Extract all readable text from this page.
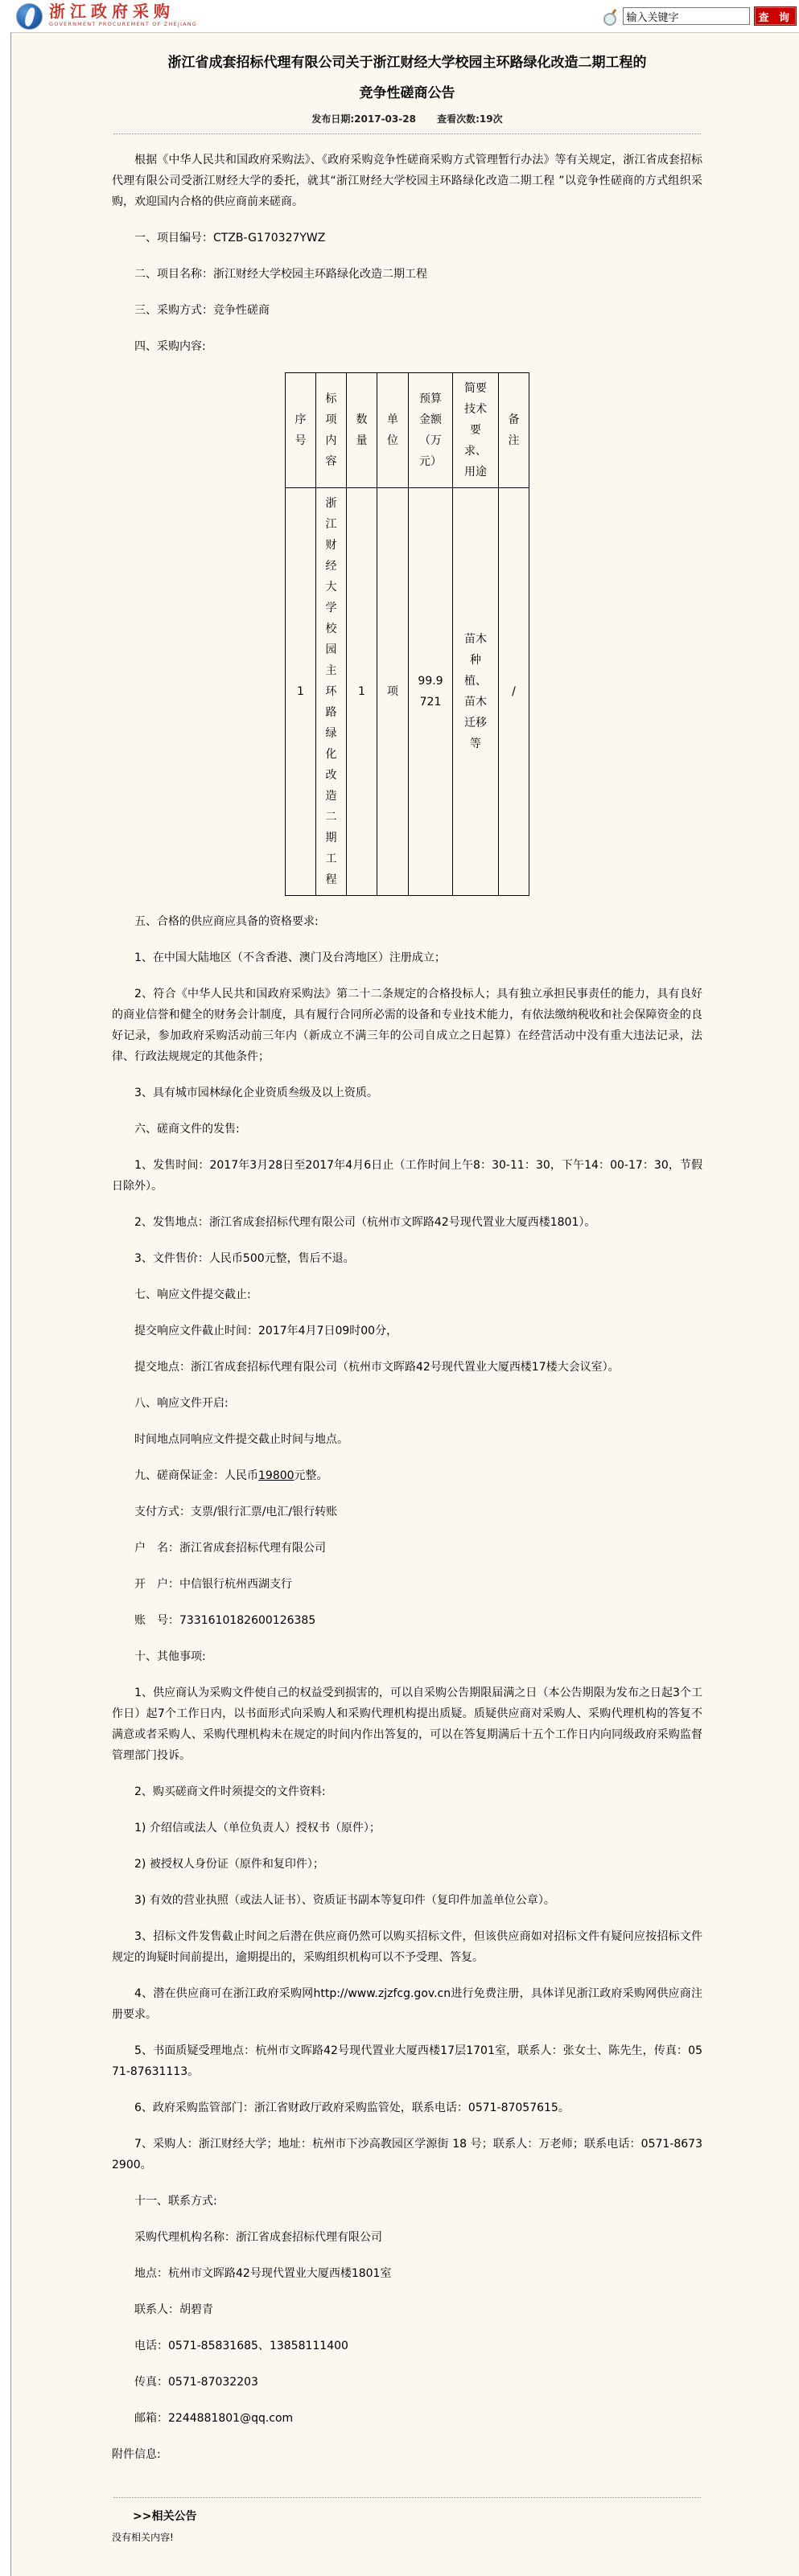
浙江政府采购
GOVERNMENT PROCUREMENT OF ZHEJIANG
输入关键字
查 询
浙江省成套招标代理有限公司关于浙江财经大学校园主环路绿化改造二期工程的
竞争性磋商公告
发布日期:2017-03-28 查看次数:19次

根据《中华人民共和国政府采购法》、《政府采购竞争性磋商采购方式管理暂行办法》等有关规定，浙江省成套招标代理有限公司受浙江财经大学的委托，就其“浙江财经大学校园主环路绿化改造二期工程 ”以竞争性磋商的方式组织采购，欢迎国内合格的供应商前来磋商。

一、项目编号：CTZB-G170327YWZ

二、项目名称：浙江财经大学校园主环路绿化改造二期工程

三、采购方式：竞争性磋商

四、采购内容:

序号	标项内容	数量	单位	预算金额（万元）	简要技术要求、用途	备注
1	浙江财经大学校园主环路绿化改造二期工程	1	项	99.9721	苗木种植、苗木迁移等	/

五、合格的供应商应具备的资格要求:

1、在中国大陆地区（不含香港、澳门及台湾地区）注册成立；

2、符合《中华人民共和国政府采购法》第二十二条规定的合格投标人；具有独立承担民事责任的能力，具有良好的商业信誉和健全的财务会计制度，具有履行合同所必需的设备和专业技术能力，有依法缴纳税收和社会保障资金的良好记录，参加政府采购活动前三年内（新成立不满三年的公司自成立之日起算）在经营活动中没有重大违法记录，法律、行政法规规定的其他条件；

3、具有城市园林绿化企业资质叁级及以上资质。

六、磋商文件的发售:

1、发售时间：2017年3月28日至2017年4月6日止（工作时间上午8：30-11：30，下午14：00-17：30，节假日除外）。

2、发售地点：浙江省成套招标代理有限公司（杭州市文晖路42号现代置业大厦西楼1801）。

3、文件售价：人民币500元整，售后不退。

七、响应文件提交截止:

提交响应文件截止时间：2017年4月7日09时00分，

提交地点：浙江省成套招标代理有限公司（杭州市文晖路42号现代置业大厦西楼17楼大会议室）。

八、响应文件开启:

时间地点同响应文件提交截止时间与地点。

九、磋商保证金：人民币19800元整。

支付方式：支票/银行汇票/电汇/银行转账

户　名：浙江省成套招标代理有限公司

开　户：中信银行杭州西湖支行

账　号：7331610182600126385

十、其他事项:

1、供应商认为采购文件使自己的权益受到损害的，可以自采购公告期限届满之日（本公告期限为发布之日起3个工作日）起7个工作日内，以书面形式向采购人和采购代理机构提出质疑。质疑供应商对采购人、采购代理机构的答复不满意或者采购人、采购代理机构未在规定的时间内作出答复的，可以在答复期满后十五个工作日内向同级政府采购监督管理部门投诉。

2、购买磋商文件时须提交的文件资料:

1) 介绍信或法人（单位负责人）授权书（原件）；

2) 被授权人身份证（原件和复印件）；

3) 有效的营业执照（或法人证书）、资质证书副本等复印件（复印件加盖单位公章）。

3、招标文件发售截止时间之后潜在供应商仍然可以购买招标文件，但该供应商如对招标文件有疑问应按招标文件规定的询疑时间前提出，逾期提出的，采购组织机构可以不予受理、答复。

4、潜在供应商可在浙江政府采购网http://www.zjzfcg.gov.cn进行免费注册，具体详见浙江政府采购网供应商注册要求。

5、书面质疑受理地点：杭州市文晖路42号现代置业大厦西楼17层1701室，联系人：张女士、陈先生，传真：0571-87631113。

6、政府采购监管部门：浙江省财政厅政府采购监管处，联系电话：0571-87057615。

7、采购人：浙江财经大学；地址：杭州市下沙高教园区学源街 18 号；联系人：万老师；联系电话：0571-86732900。

十一、联系方式:

采购代理机构名称：浙江省成套招标代理有限公司

地点：杭州市文晖路42号现代置业大厦西楼1801室

联系人：胡碧青

电话：0571-85831685、13858111400

传真：0571-87032203

邮箱：2244881801@qq.com

附件信息:

>>相关公告

没有相关内容!
